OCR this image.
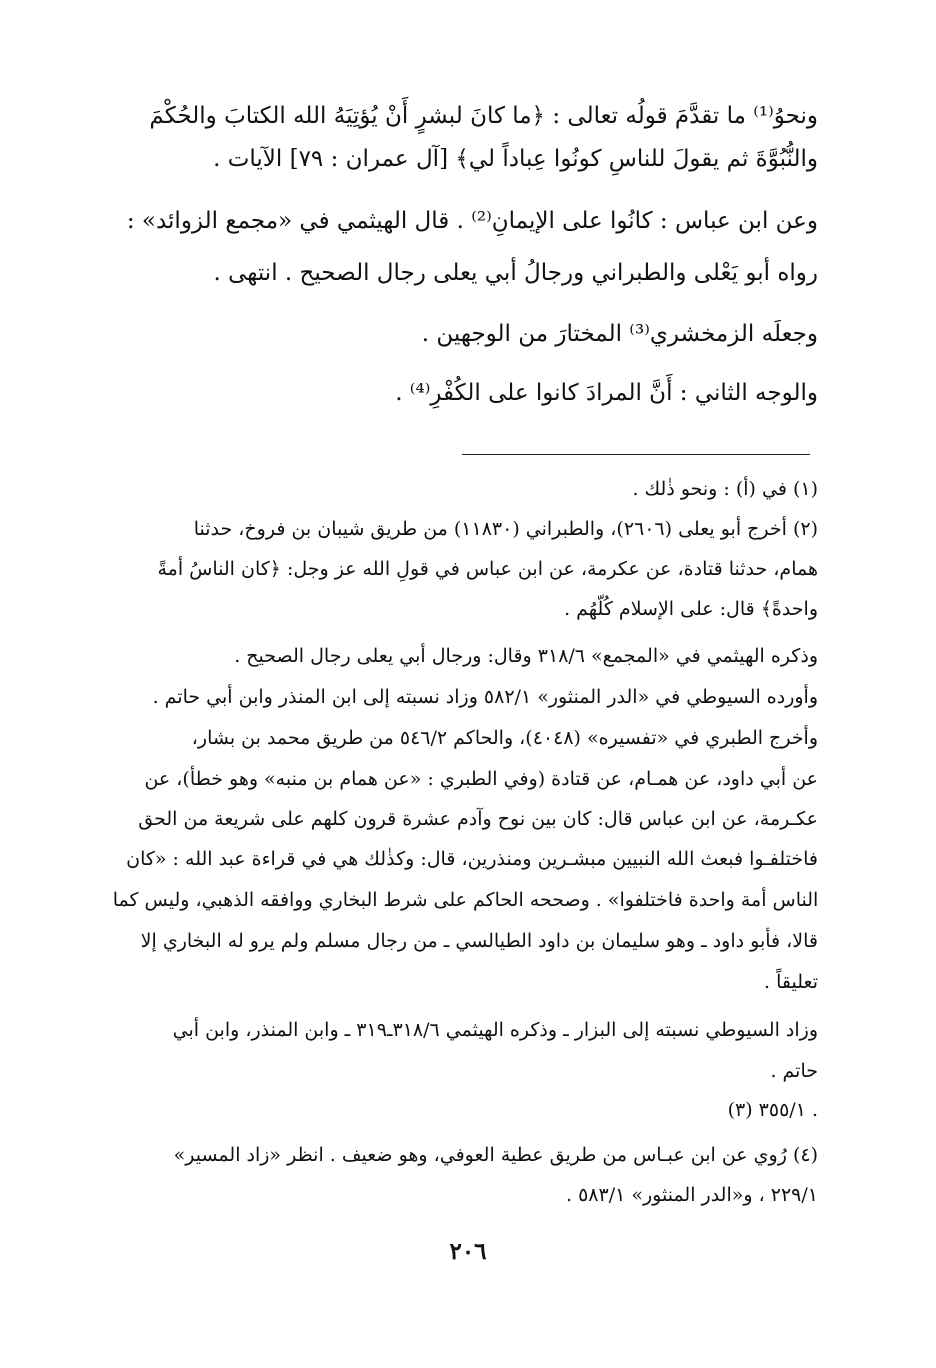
ونحوُ⁽¹⁾ ما تقدَّمَ قولُه تعالى : ﴿ما كانَ لبشرٍ أَنْ يُؤتِيَهُ الله الكتابَ والحُكْمَ
والنُّبُوَّةَ ثم يقولَ للناسِ كونُوا عِباداً لي﴾ [آل عمران : ٧٩] الآيات .
وعن ابن عباس : كانُوا على الإيمانِ⁽²⁾ . قال الهيثمي في «مجمع الزوائد» :
رواه أبو يَعْلى والطبراني ورجالُ أبي يعلى رجال الصحيح . انتهى .
وجعلَه الزمخشري⁽³⁾ المختارَ من الوجهين .
والوجه الثاني : أَنَّ المرادَ كانوا على الكُفْرِ⁽⁴⁾ .
(١) في (أ) : ونحو ذٰلك .
(٢) أخرج أبو يعلى (٢٦٠٦)، والطبراني (١١٨٣٠) من طريق شيبان بن فروخ، حدثنا
همام، حدثنا قتادة، عن عكرمة، عن ابن عباس في قولِ الله عز وجل: ﴿كان الناسُ أمةً
واحدةً﴾ قال: على الإسلام كُلّهُم .
وذكره الهيثمي في «المجمع» ٣١٨/٦ وقال: ورجال أبي يعلى رجال الصحيح .
وأورده السيوطي في «الدر المنثور» ٥٨٢/١ وزاد نسبته إلى ابن المنذر وابن أبي حاتم .
وأخرج الطبري في «تفسيره» (٤٠٤٨)، والحاكم ٥٤٦/٢ من طريق محمد بن بشار،
عن أبي داود، عن همـام، عن قتادة (وفي الطبري : «عن همام بن منبه» وهو خطأ)، عن
عكـرمة، عن ابن عباس قال: كان بين نوح وآدم عشرة قرون كلهم على شريعة من الحق
فاختلفـوا فبعث الله النبيين مبشـرين ومنذرين، قال: وكذٰلك هي في قراءة عبد الله : «كان
الناس أمة واحدة فاختلفوا» . وصححه الحاكم على شرط البخاري ووافقه الذهبي، وليس كما
قالا، فأبو داود ـ وهو سليمان بن داود الطيالسي ـ من رجال مسلم ولم يرو له البخاري إلا
تعليقاً .
وزاد السيوطي نسبته إلى البزار ـ وذكره الهيثمي ٣١٨/٦ـ٣١٩ ـ وابن المنذر، وابن أبي
حاتم .
(٣) ٣٥٥/١ .
(٤) رُوي عن ابن عبـاس من طريق عطية العوفي، وهو ضعيف . انظر «زاد المسير»
٢٢٩/١ ، و«الدر المنثور» ٥٨٣/١ .
٢٠٦
